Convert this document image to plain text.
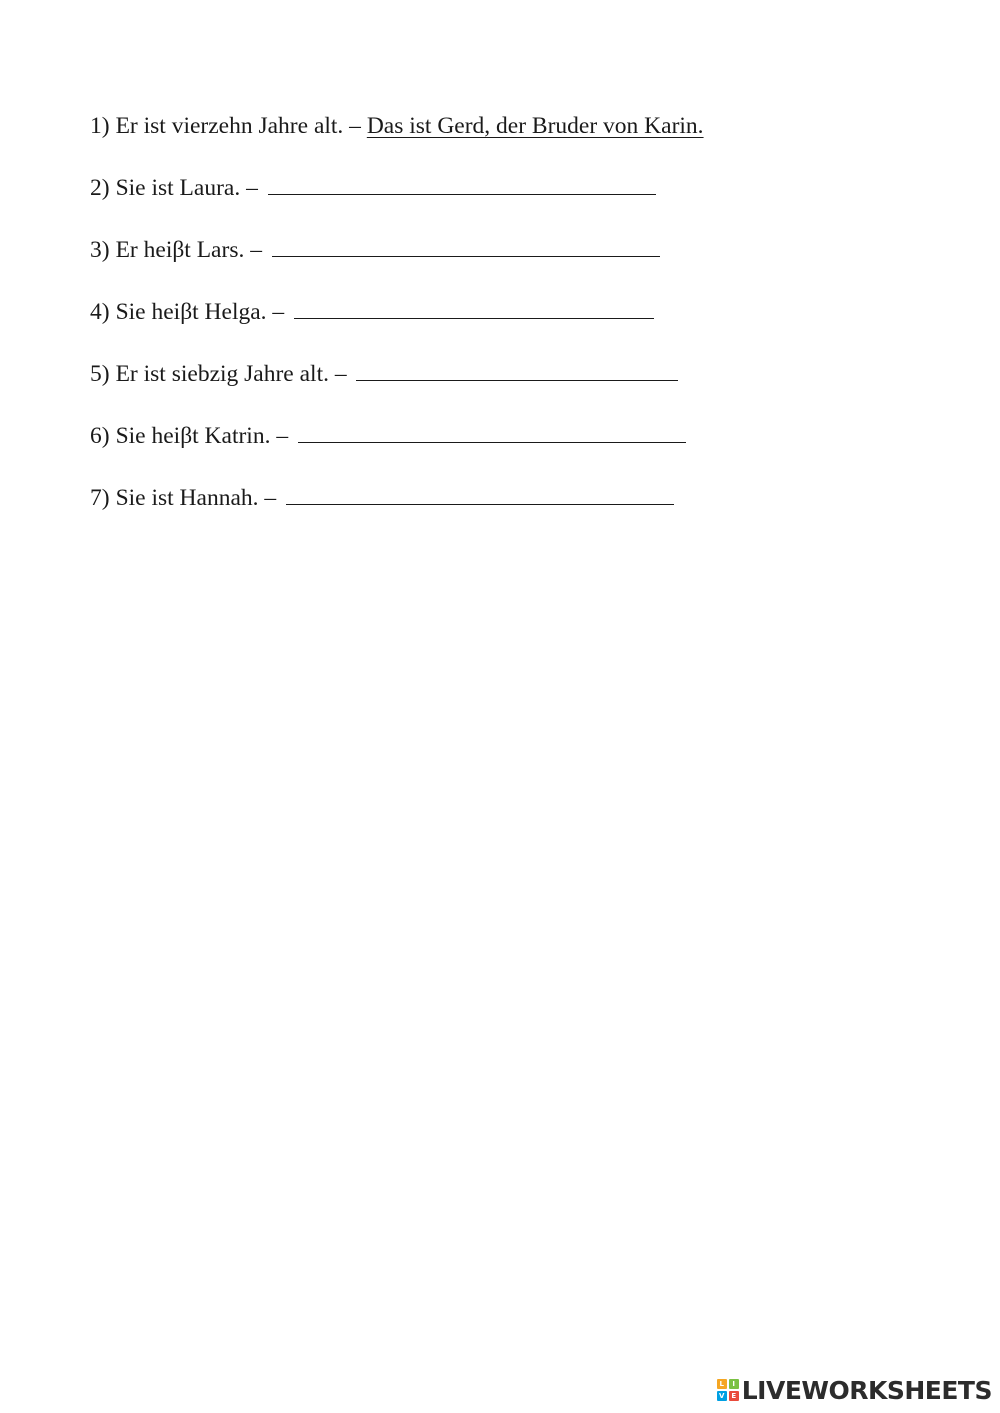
1) Er ist vierzehn Jahre alt. – Das ist Gerd, der Bruder von Karin.
2) Sie ist Laura. –
3) Er heiβt Lars. –
4) Sie heiβt Helga. –
5) Er ist siebzig Jahre alt. –
6) Sie heiβt Katrin. –
7) Sie ist Hannah. –
L	I
V E LIVEWORKSHEETS
